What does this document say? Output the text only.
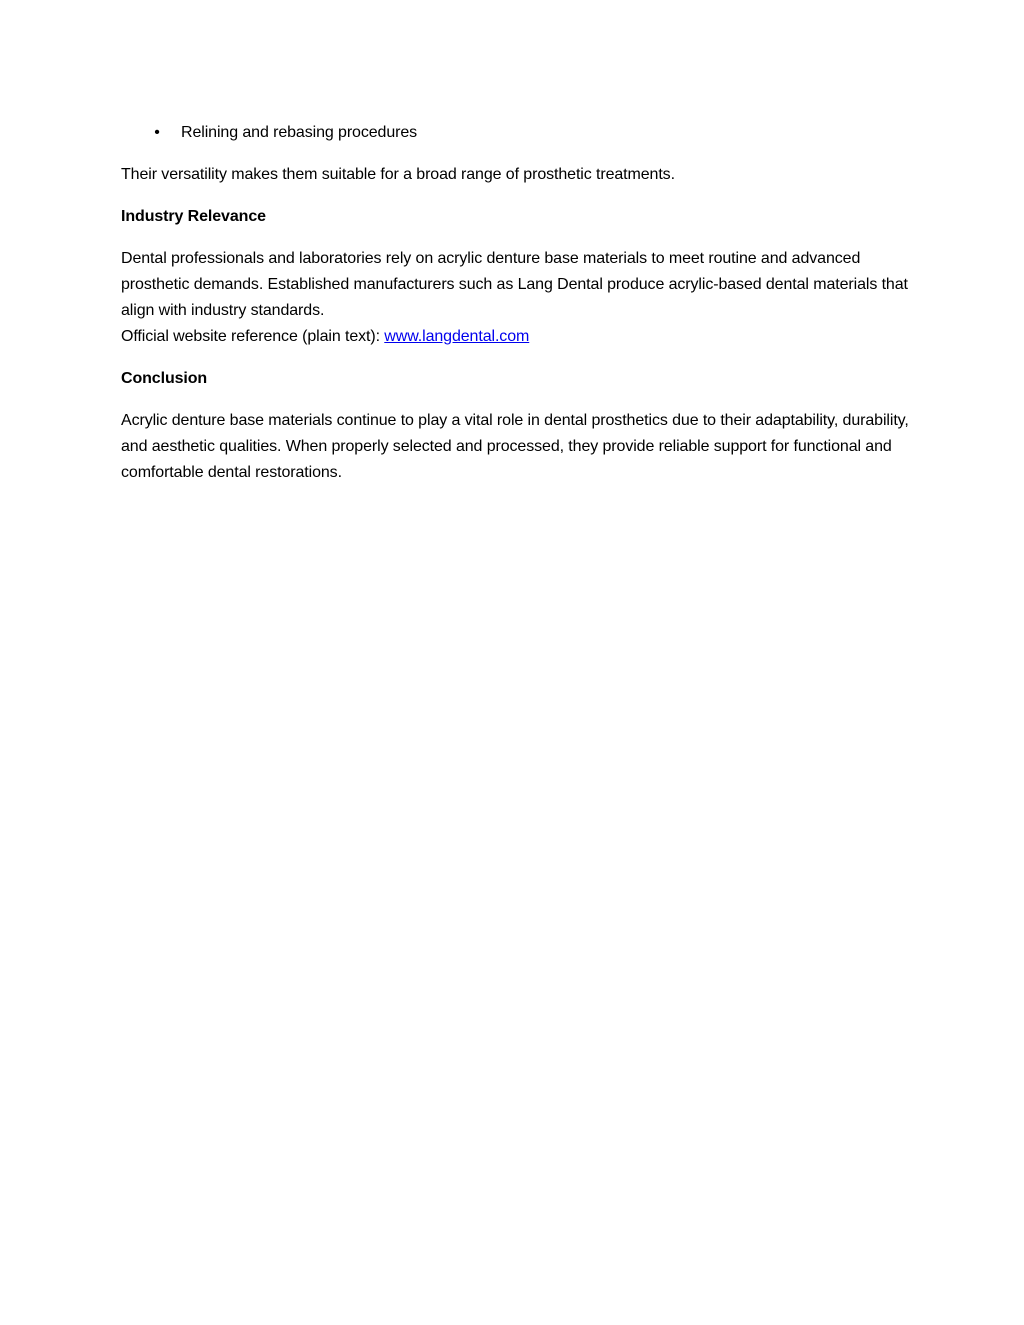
• Relining and rebasing procedures

Their versatility makes them suitable for a broad range of prosthetic treatments.

Industry Relevance

Dental professionals and laboratories rely on acrylic denture base materials to meet routine and advanced prosthetic demands. Established manufacturers such as Lang Dental produce acrylic-based dental materials that align with industry standards.
Official website reference (plain text): www.langdental.com

Conclusion

Acrylic denture base materials continue to play a vital role in dental prosthetics due to their adaptability, durability, and aesthetic qualities. When properly selected and processed, they provide reliable support for functional and comfortable dental restorations.
